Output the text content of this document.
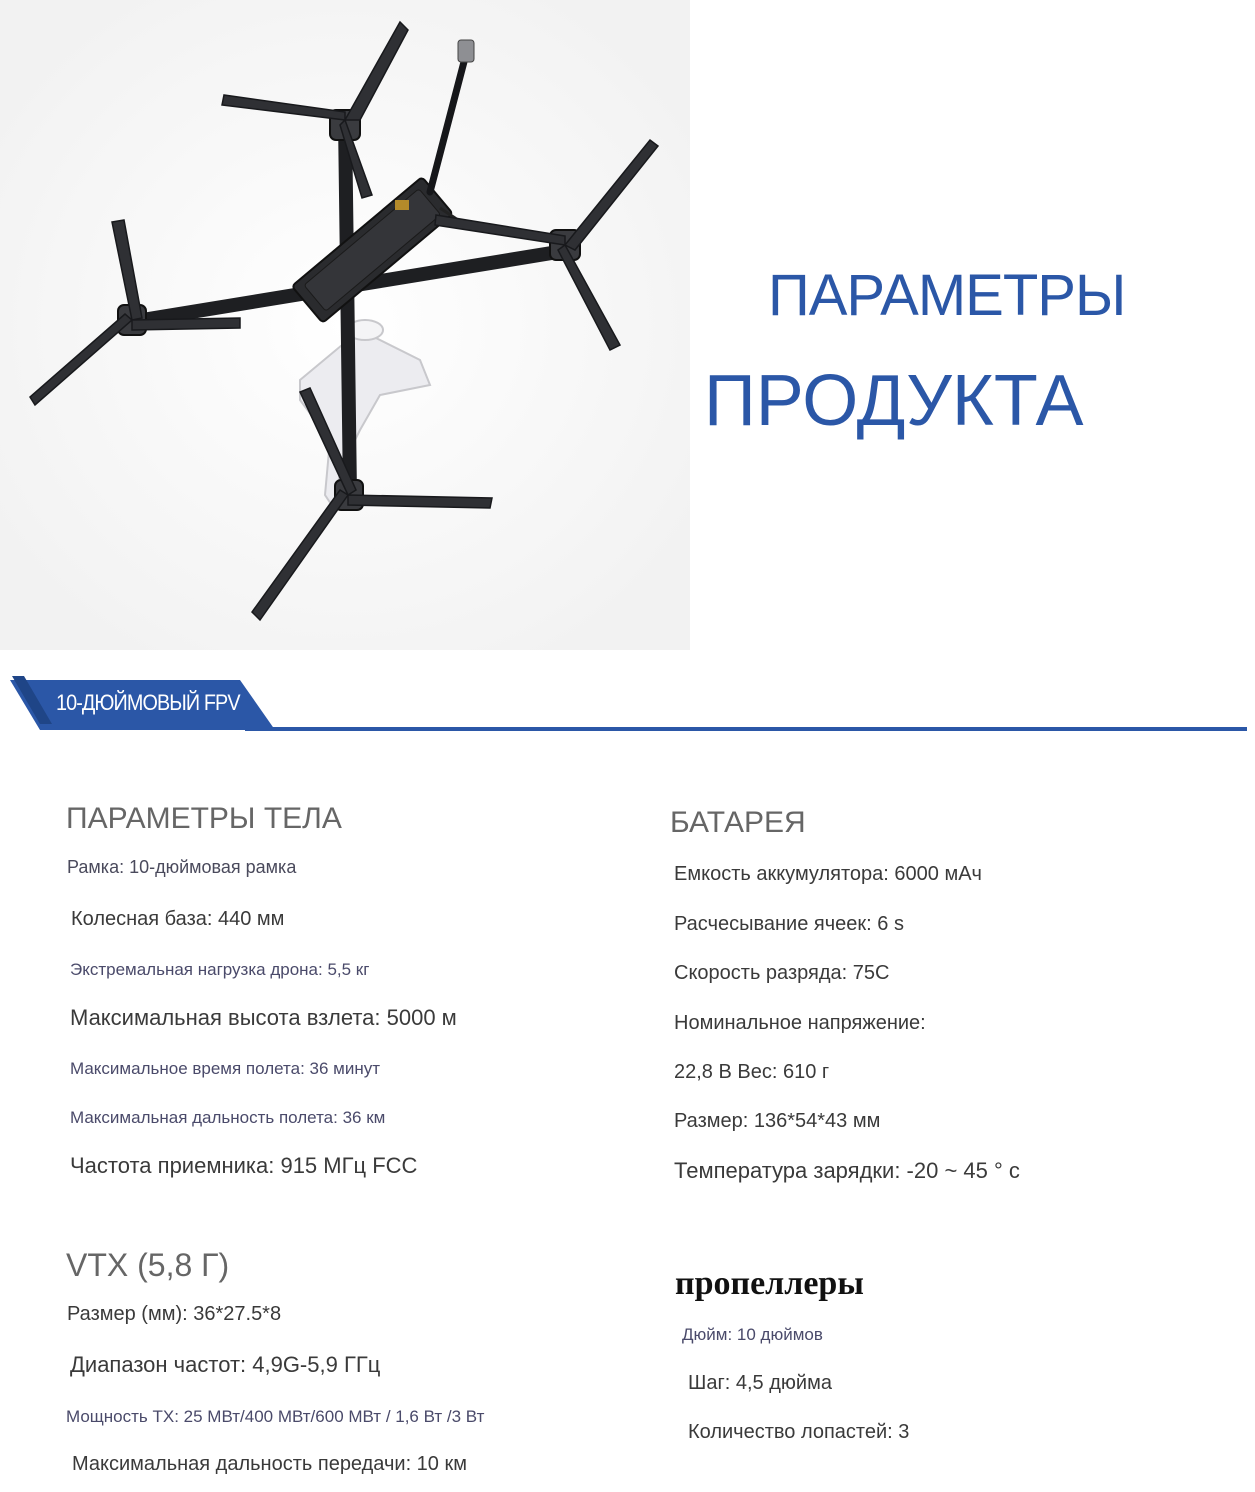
ПАРАМЕТРЫ
ПРОДУКТА
10-ДЮЙМОВЫЙ FPV
ПАРАМЕТРЫ ТЕЛА
Рамка: 10-дюймовая рамка
Колесная база: 440 мм
Экстремальная нагрузка дрона: 5,5 кг
Максимальная высота взлета: 5000 м
Максимальное время полета: 36 минут
Максимальная дальность полета: 36 км
Частота приемника: 915 МГц FCC
БАТАРЕЯ
Емкость аккумулятора: 6000 мАч
Расчесывание ячеек: 6 s
Скорость разряда: 75C
Номинальное напряжение:
22,8 В Вес: 610 г
Размер: 136*54*43 мм
Температура зарядки: -20 ~ 45 ° с
VTX (5,8 Г)
Размер (мм): 36*27.5*8
Диапазон частот: 4,9G-5,9 ГГц
Мощность TX: 25 МВт/400 МВт/600 МВт / 1,6 Вт /3 Вт
Максимальная дальность передачи: 10 км
пропеллеры
Дюйм: 10 дюймов
Шаг: 4,5 дюйма
Количество лопастей: 3
